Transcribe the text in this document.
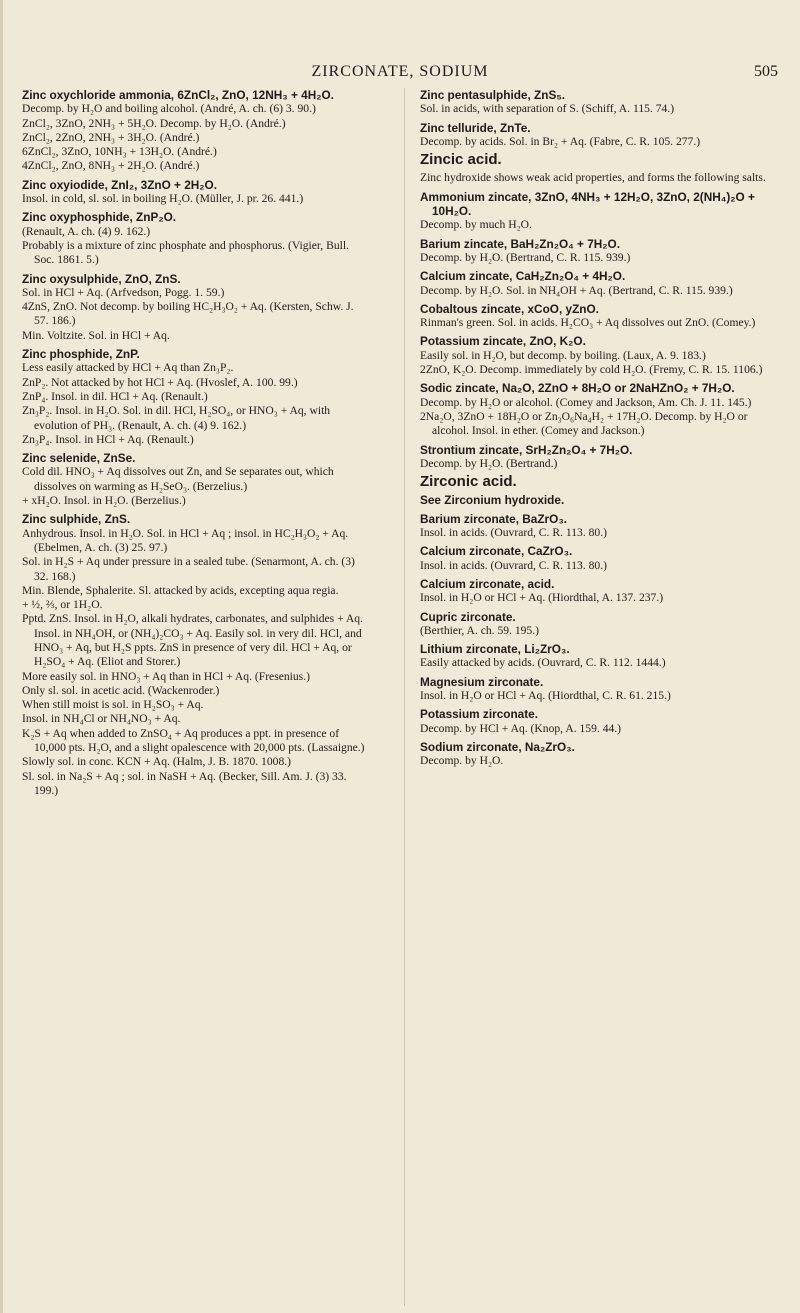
ZIRCONATE, SODIUM	505

Zinc oxychloride ammonia, 6ZnCl₂, ZnO, 12NH₃ + 4H₂O.

Decomp. by H₂O and boiling alcohol. (André, A. ch. (6) 3. 90.)

ZnCl₂, 3ZnO, 2NH₃ + 5H₂O. Decomp. by H₂O. (André.)

ZnCl₂, 2ZnO, 2NH₃ + 3H₂O. (André.)

6ZnCl₂, 3ZnO, 10NH₃ + 13H₂O. (André.)

4ZnCl₂, ZnO, 8NH₃ + 2H₂O. (André.)

Zinc oxyiodide, ZnI₂, 3ZnO + 2H₂O.

Insol. in cold, sl. sol. in boiling H₂O. (Müller, J. pr. 26. 441.)

Zinc oxyphosphide, ZnP₂O.

(Renault, A. ch. (4) 9. 162.)

Probably is a mixture of zinc phosphate and phosphorus. (Vigier, Bull. Soc. 1861. 5.)

Zinc oxysulphide, ZnO, ZnS.

Sol. in HCl + Aq. (Arfvedson, Pogg. 1. 59.)

4ZnS, ZnO. Not decomp. by boiling HC₂H₃O₂ + Aq. (Kersten, Schw. J. 57. 186.)

Min. Voltzite. Sol. in HCl + Aq.

Zinc phosphide, ZnP.

Less easily attacked by HCl + Aq than Zn₃P₂.

ZnP₂. Not attacked by hot HCl + Aq. (Hvoslef, A. 100. 99.)

ZnP₄. Insol. in dil. HCl + Aq. (Renault.)

Zn₃P₂. Insol. in H₂O. Sol. in dil. HCl, H₂SO₄, or HNO₃ + Aq, with evolution of PH₃. (Renault, A. ch. (4) 9. 162.)

Zn₃P₄. Insol. in HCl + Aq. (Renault.)

Zinc selenide, ZnSe.

Cold dil. HNO₃ + Aq dissolves out Zn, and Se separates out, which dissolves on warming as H₂SeO₃. (Berzelius.)

+ xH₂O. Insol. in H₂O. (Berzelius.)

Zinc sulphide, ZnS.

Anhydrous. Insol. in H₂O. Sol. in HCl + Aq ; insol. in HC₂H₃O₂ + Aq. (Ebelmen, A. ch. (3) 25. 97.)

Sol. in H₂S + Aq under pressure in a sealed tube. (Senarmont, A. ch. (3) 32. 168.)

Min. Blende, Sphalerite. Sl. attacked by acids, excepting aqua regia.

+ ½, ⅔, or 1H₂O.

Pptd. ZnS. Insol. in H₂O, alkali hydrates, carbonates, and sulphides + Aq. Insol. in NH₄OH, or (NH₄)₂CO₃ + Aq. Easily sol. in very dil. HCl, and HNO₃ + Aq, but H₂S ppts. ZnS in presence of very dil. HCl + Aq, or H₂SO₄ + Aq. (Eliot and Storer.)

More easily sol. in HNO₃ + Aq than in HCl + Aq. (Fresenius.)

Only sl. sol. in acetic acid. (Wackenroder.)

When still moist is sol. in H₂SO₃ + Aq.

Insol. in NH₄Cl or NH₄NO₃ + Aq.

K₂S + Aq when added to ZnSO₄ + Aq produces a ppt. in presence of 10,000 pts. H₂O, and a slight opalescence with 20,000 pts. (Lassaigne.)

Slowly sol. in conc. KCN + Aq. (Halm, J. B. 1870. 1008.)

Sl. sol. in Na₂S + Aq ; sol. in NaSH + Aq. (Becker, Sill. Am. J. (3) 33. 199.)

Zinc pentasulphide, ZnS₅.

Sol. in acids, with separation of S. (Schiff, A. 115. 74.)

Zinc telluride, ZnTe.

Decomp. by acids. Sol. in Br₂ + Aq. (Fabre, C. R. 105. 277.)

Zincic acid.

Zinc hydroxide shows weak acid properties, and forms the following salts.

Ammonium zincate, 3ZnO, 4NH₃ + 12H₂O, 3ZnO, 2(NH₄)₂O + 10H₂O.

Decomp. by much H₂O.

Barium zincate, BaH₂Zn₂O₄ + 7H₂O.

Decomp. by H₂O. (Bertrand, C. R. 115. 939.)

Calcium zincate, CaH₂Zn₂O₄ + 4H₂O.

Decomp. by H₂O. Sol. in NH₄OH + Aq. (Bertrand, C. R. 115. 939.)

Cobaltous zincate, xCoO, yZnO.

Rinman's green. Sol. in acids. H₂CO₃ + Aq dissolves out ZnO. (Comey.)

Potassium zincate, ZnO, K₂O.

Easily sol. in H₂O, but decomp. by boiling. (Laux, A. 9. 183.)

2ZnO, K₂O. Decomp. immediately by cold H₂O. (Fremy, C. R. 15. 1106.)

Sodic zincate, Na₂O, 2ZnO + 8H₂O or 2NaHZnO₂ + 7H₂O.

Decomp. by H₂O or alcohol. (Comey and Jackson, Am. Ch. J. 11. 145.)

2Na₂O, 3ZnO + 18H₂O or Zn₃O₆Na₄H₂ + 17H₂O. Decomp. by H₂O or alcohol. Insol. in ether. (Comey and Jackson.)

Strontium zincate, SrH₂Zn₂O₄ + 7H₂O.

Decomp. by H₂O. (Bertrand.)

Zirconic acid.

See Zirconium hydroxide.

Barium zirconate, BaZrO₃.

Insol. in acids. (Ouvrard, C. R. 113. 80.)

Calcium zirconate, CaZrO₃.

Insol. in acids. (Ouvrard, C. R. 113. 80.)

Calcium zirconate, acid.

Insol. in H₂O or HCl + Aq. (Hiordthal, A. 137. 237.)

Cupric zirconate.

(Berthier, A. ch. 59. 195.)

Lithium zirconate, Li₂ZrO₃.

Easily attacked by acids. (Ouvrard, C. R. 112. 1444.)

Magnesium zirconate.

Insol. in H₂O or HCl + Aq. (Hiordthal, C. R. 61. 215.)

Potassium zirconate.

Decomp. by HCl + Aq. (Knop, A. 159. 44.)

Sodium zirconate, Na₂ZrO₃.

Decomp. by H₂O.
